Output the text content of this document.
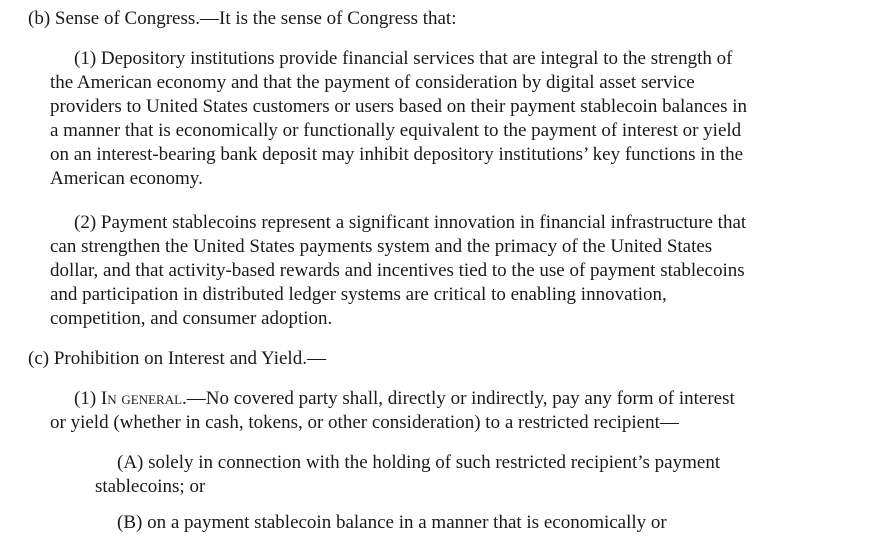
(b) Sense of Congress.—It is the sense of Congress that:
(1) Depository institutions provide financial services that are integral to the strength of
the American economy and that the payment of consideration by digital asset service
providers to United States customers or users based on their payment stablecoin balances in
a manner that is economically or functionally equivalent to the payment of interest or yield
on an interest-bearing bank deposit may inhibit depository institutions’ key functions in the
American economy.
(2) Payment stablecoins represent a significant innovation in financial infrastructure that
can strengthen the United States payments system and the primacy of the United States
dollar, and that activity-based rewards and incentives tied to the use of payment stablecoins
and participation in distributed ledger systems are critical to enabling innovation,
competition, and consumer adoption.
(c) Prohibition on Interest and Yield.—
(1) In general.—No covered party shall, directly or indirectly, pay any form of interest
or yield (whether in cash, tokens, or other consideration) to a restricted recipient—
(A) solely in connection with the holding of such restricted recipient’s payment
stablecoins; or
(B) on a payment stablecoin balance in a manner that is economically or
